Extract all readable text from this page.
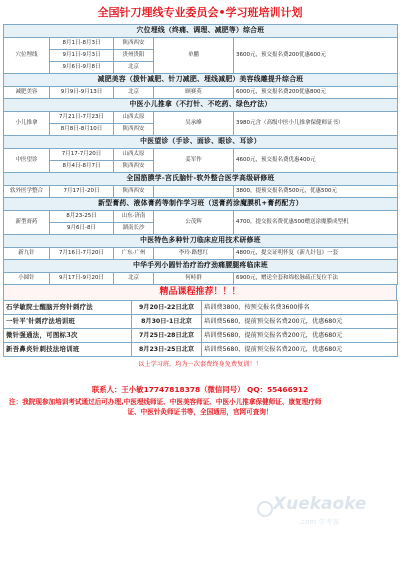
全国针刀埋线专业委员会•学习班培训计划
穴位埋线（终痛、调理、减肥等）综合班				
穴位埋线	8月1日-8月3日	陕西西安	单鹏	3600元，预交报名费200优惠600元
	9月1日-9月3日	贵州贵阳		
	9月6日-9月8日	北京		
减肥美容（拨针减肥、针刀减肥、埋线减肥）美容线雕提升综合班				
减肥美容	9月9日-9月13日	北京	顾赛英	6000元，预交报名费200优惠800元
中医小儿推拿（不打针、不吃药、绿色疗法）				
小儿推拿	7月21日-7月23日	山西太原	吴承峰	3980元含（高级中医小儿推拿保健师证书）
	8月8日-8月10日	陕西西安		
中医望诊（手诊、面诊、眼诊、耳诊）				
中医望诊	7月17-7月20日	山西太原	姜军作	4600元，预交报名费优惠400元
	8月4日-8月7日	陕西西安		
全国筋膜学-宫氏脑针-软外整合医学高级研修班				
软外医学整合	7月17日-20日	陕西西安		3800，提预交报名费500元，优惠500元
新型膏药、液体膏药等制作学习班（送膏药涂魔膜机+膏药配方）				
新型膏药	8月23-25日	山东·济南	公茂辉	4700，提交报名费优惠500赠送涂魔膜成型机
	9月6日-8日	湖南长沙		
中医特色多种针刀临床应用技术研修班				
新九针	7月16日-7月20日	广东·广州	李玲·路想红	4800元，提交证明怀复《新九针包》一套
中华手列小圆针治疗治疗劲痛腰腿疼临床班				
小圆针	9月17日-9月20日	北京	何峙群	6900元，赠送全套和绵松脉疏正复位手法
精品课程推荐！！！
石学敏院士醒脑开窍针刺疗法	9月20日-22日北京	培训费3800，按预交报名费3600排名
一针平'针刺疗法培训班	8月30日-1日北京	培训费5680，提前预交报名费200元，优惠680元
微针强通法，可图标3次	7月25日-28日北京	培训费5680，提前预交报名费200元，优惠680元
新吾鼻炎针刺技法培训班	8月23日-25日北京	培训费5680，提前预交报名费200元，优惠680元
以上学习班，均为一次套费终身免费复训！！
Xuekaoke
.com 学考客
联系人：王小敏17747818378（微信同号） QQ：55466912
注：我院现参加培训考试通过后可办理,中医埋线师证、中医美容师证、中医小儿推拿保健师证、康复理疗师
证、中医针灸师证书等，全国通用，官网可查询！
